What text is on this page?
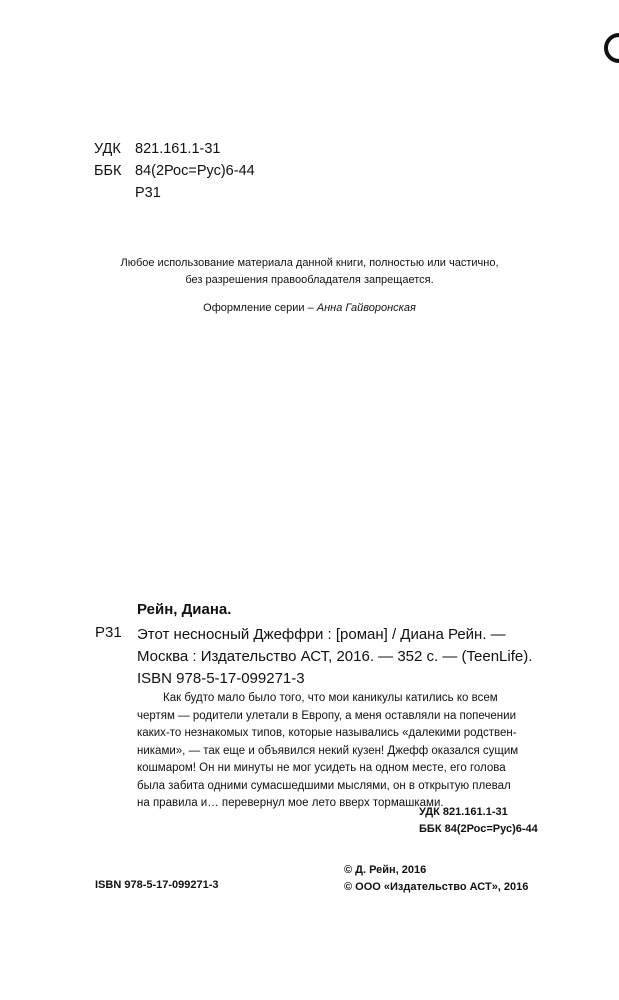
УДК 821.161.1-31
ББК 84(2Рос=Рус)6-44
Р31
Любое использование материала данной книги, полностью или частично,
без разрешения правообладателя запрещается.
Оформление серии – Анна Гайворонская
Рейн, Диана.
Р31 Этот несносный Джеффри : [роман] / Диана Рейн. —
Москва : Издательство АСТ, 2016. — 352 с. — (TeenLife).
ISBN 978-5-17-099271-3
Как будто мало было того, что мои каникулы катились ко всем
чертям — родители улетали в Европу, а меня оставляли на попечении
каких-то незнакомых типов, которые назывались «далекими родствен-
никами», — так еще и объявился некий кузен! Джефф оказался сущим
кошмаром! Он ни минуты не мог усидеть на одном месте, его голова
была забита одними сумасшедшими мыслями, он в открытую плевал
на правила и… перевернул мое лето вверх тормашками.
УДК 821.161.1-31
ББК 84(2Рос=Рус)6-44
© Д. Рейн, 2016
© ООО «Издательство АСТ», 2016
ISBN 978-5-17-099271-3
